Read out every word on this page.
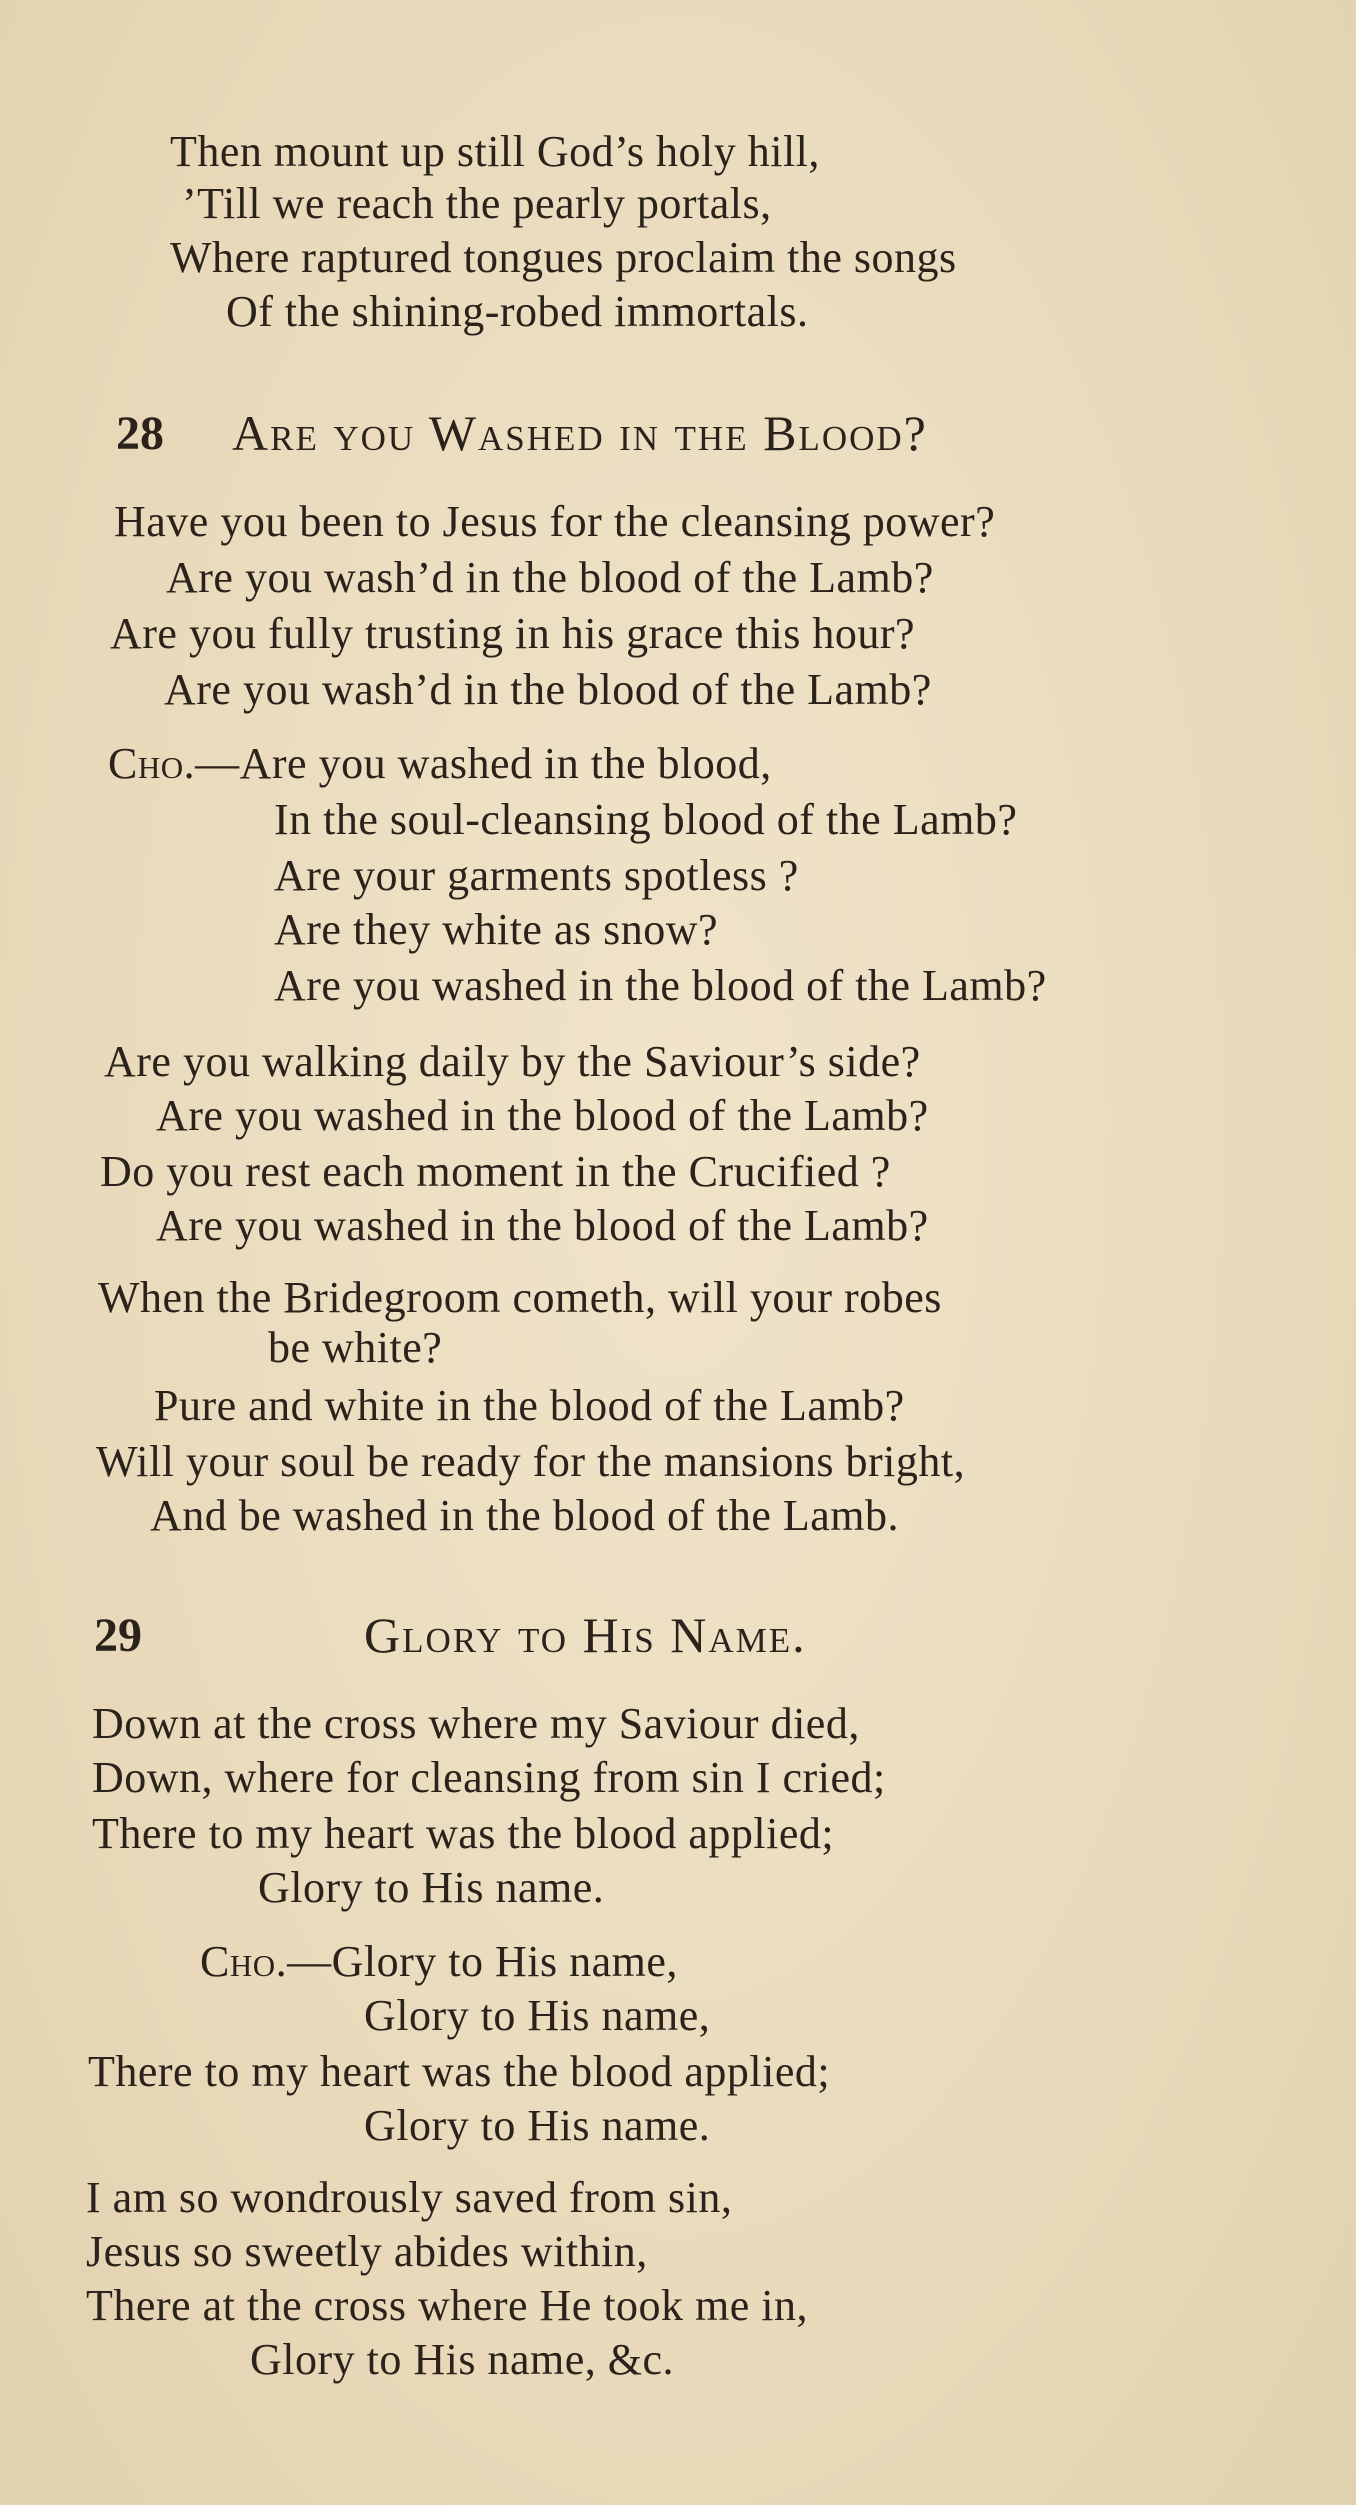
Then mount up still God’s holy hill,
’Till we reach the pearly portals,
Where raptured tongues proclaim the songs
Of the shining-robed immortals.
28 Are you Washed in the Blood?
Have you been to Jesus for the cleansing power?
Are you wash’d in the blood of the Lamb?
Are you fully trusting in his grace this hour?
Are you wash’d in the blood of the Lamb?
Cho.—Are you washed in the blood,
In the soul-cleansing blood of the Lamb?
Are your garments spotless ?
Are they white as snow?
Are you washed in the blood of the Lamb?
Are you walking daily by the Saviour’s side?
Are you washed in the blood of the Lamb?
Do you rest each moment in the Crucified ?
Are you washed in the blood of the Lamb?
When the Bridegroom cometh, will your robes
be white?
Pure and white in the blood of the Lamb?
Will your soul be ready for the mansions bright,
And be washed in the blood of the Lamb.
29	Glory to His Name.
Down at the cross where my Saviour died,
Down, where for cleansing from sin I cried;
There to my heart was the blood applied;
Glory to His name.
Cho.—Glory to His name,
Glory to His name,
There to my heart was the blood applied;
Glory to His name.
I am so wondrously saved from sin,
Jesus so sweetly abides within,
There at the cross where He took me in,
Glory to His name, &c.
